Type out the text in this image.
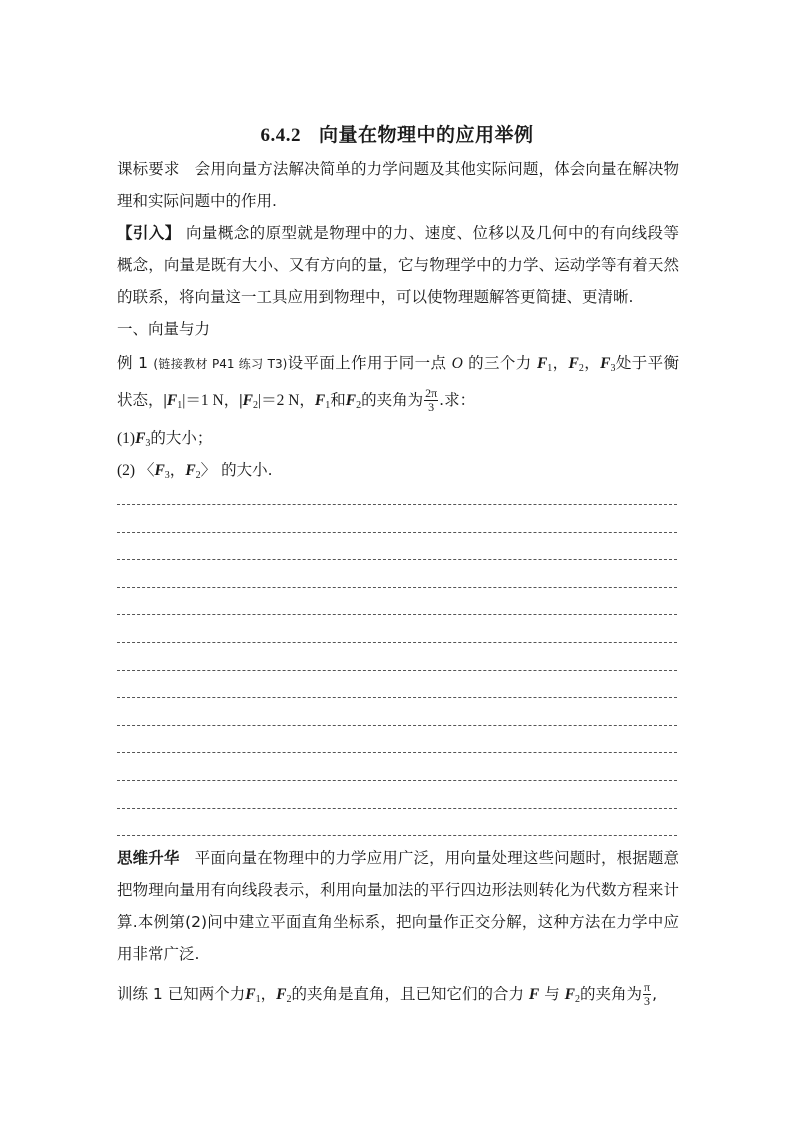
6.4.2 向量在物理中的应用举例
课标要求 会用向量方法解决简单的力学问题及其他实际问题，体会向量在解决物理和实际问题中的作用.
【引入】 向量概念的原型就是物理中的力、速度、位移以及几何中的有向线段等概念，向量是既有大小、又有方向的量，它与物理学中的力学、运动学等有着天然的联系，将向量这一工具应用到物理中，可以使物理题解答更简捷、更清晰.
一、向量与力
例 1 (链接教材 P41 练习 T3)设平面上作用于同一点 O 的三个力 $F_1$，$F_2$，$F_3$处于平衡状态，$|F_1|=1$ N，$|F_2|=2$ N，$F_1$和$F_2$的夹角为 $\frac{2\pi}{3}$ .求：
$(1)F_3$的大小；
(2) 〈$F_3$，$F_2$〉 的大小.
思维升华 平面向量在物理中的力学应用广泛，用向量处理这些问题时，根据题意把物理向量用有向线段表示，利用向量加法的平行四边形法则转化为代数方程来计算.本例第(2)问中建立平面直角坐标系，把向量作正交分解，这种方法在力学中应用非常广泛.
训练 1 已知两个力$F_1$，$F_2$的夹角是直角，且已知它们的合力 F 与 $F_2$的夹角为 $\frac{\pi}{3}$ ,
